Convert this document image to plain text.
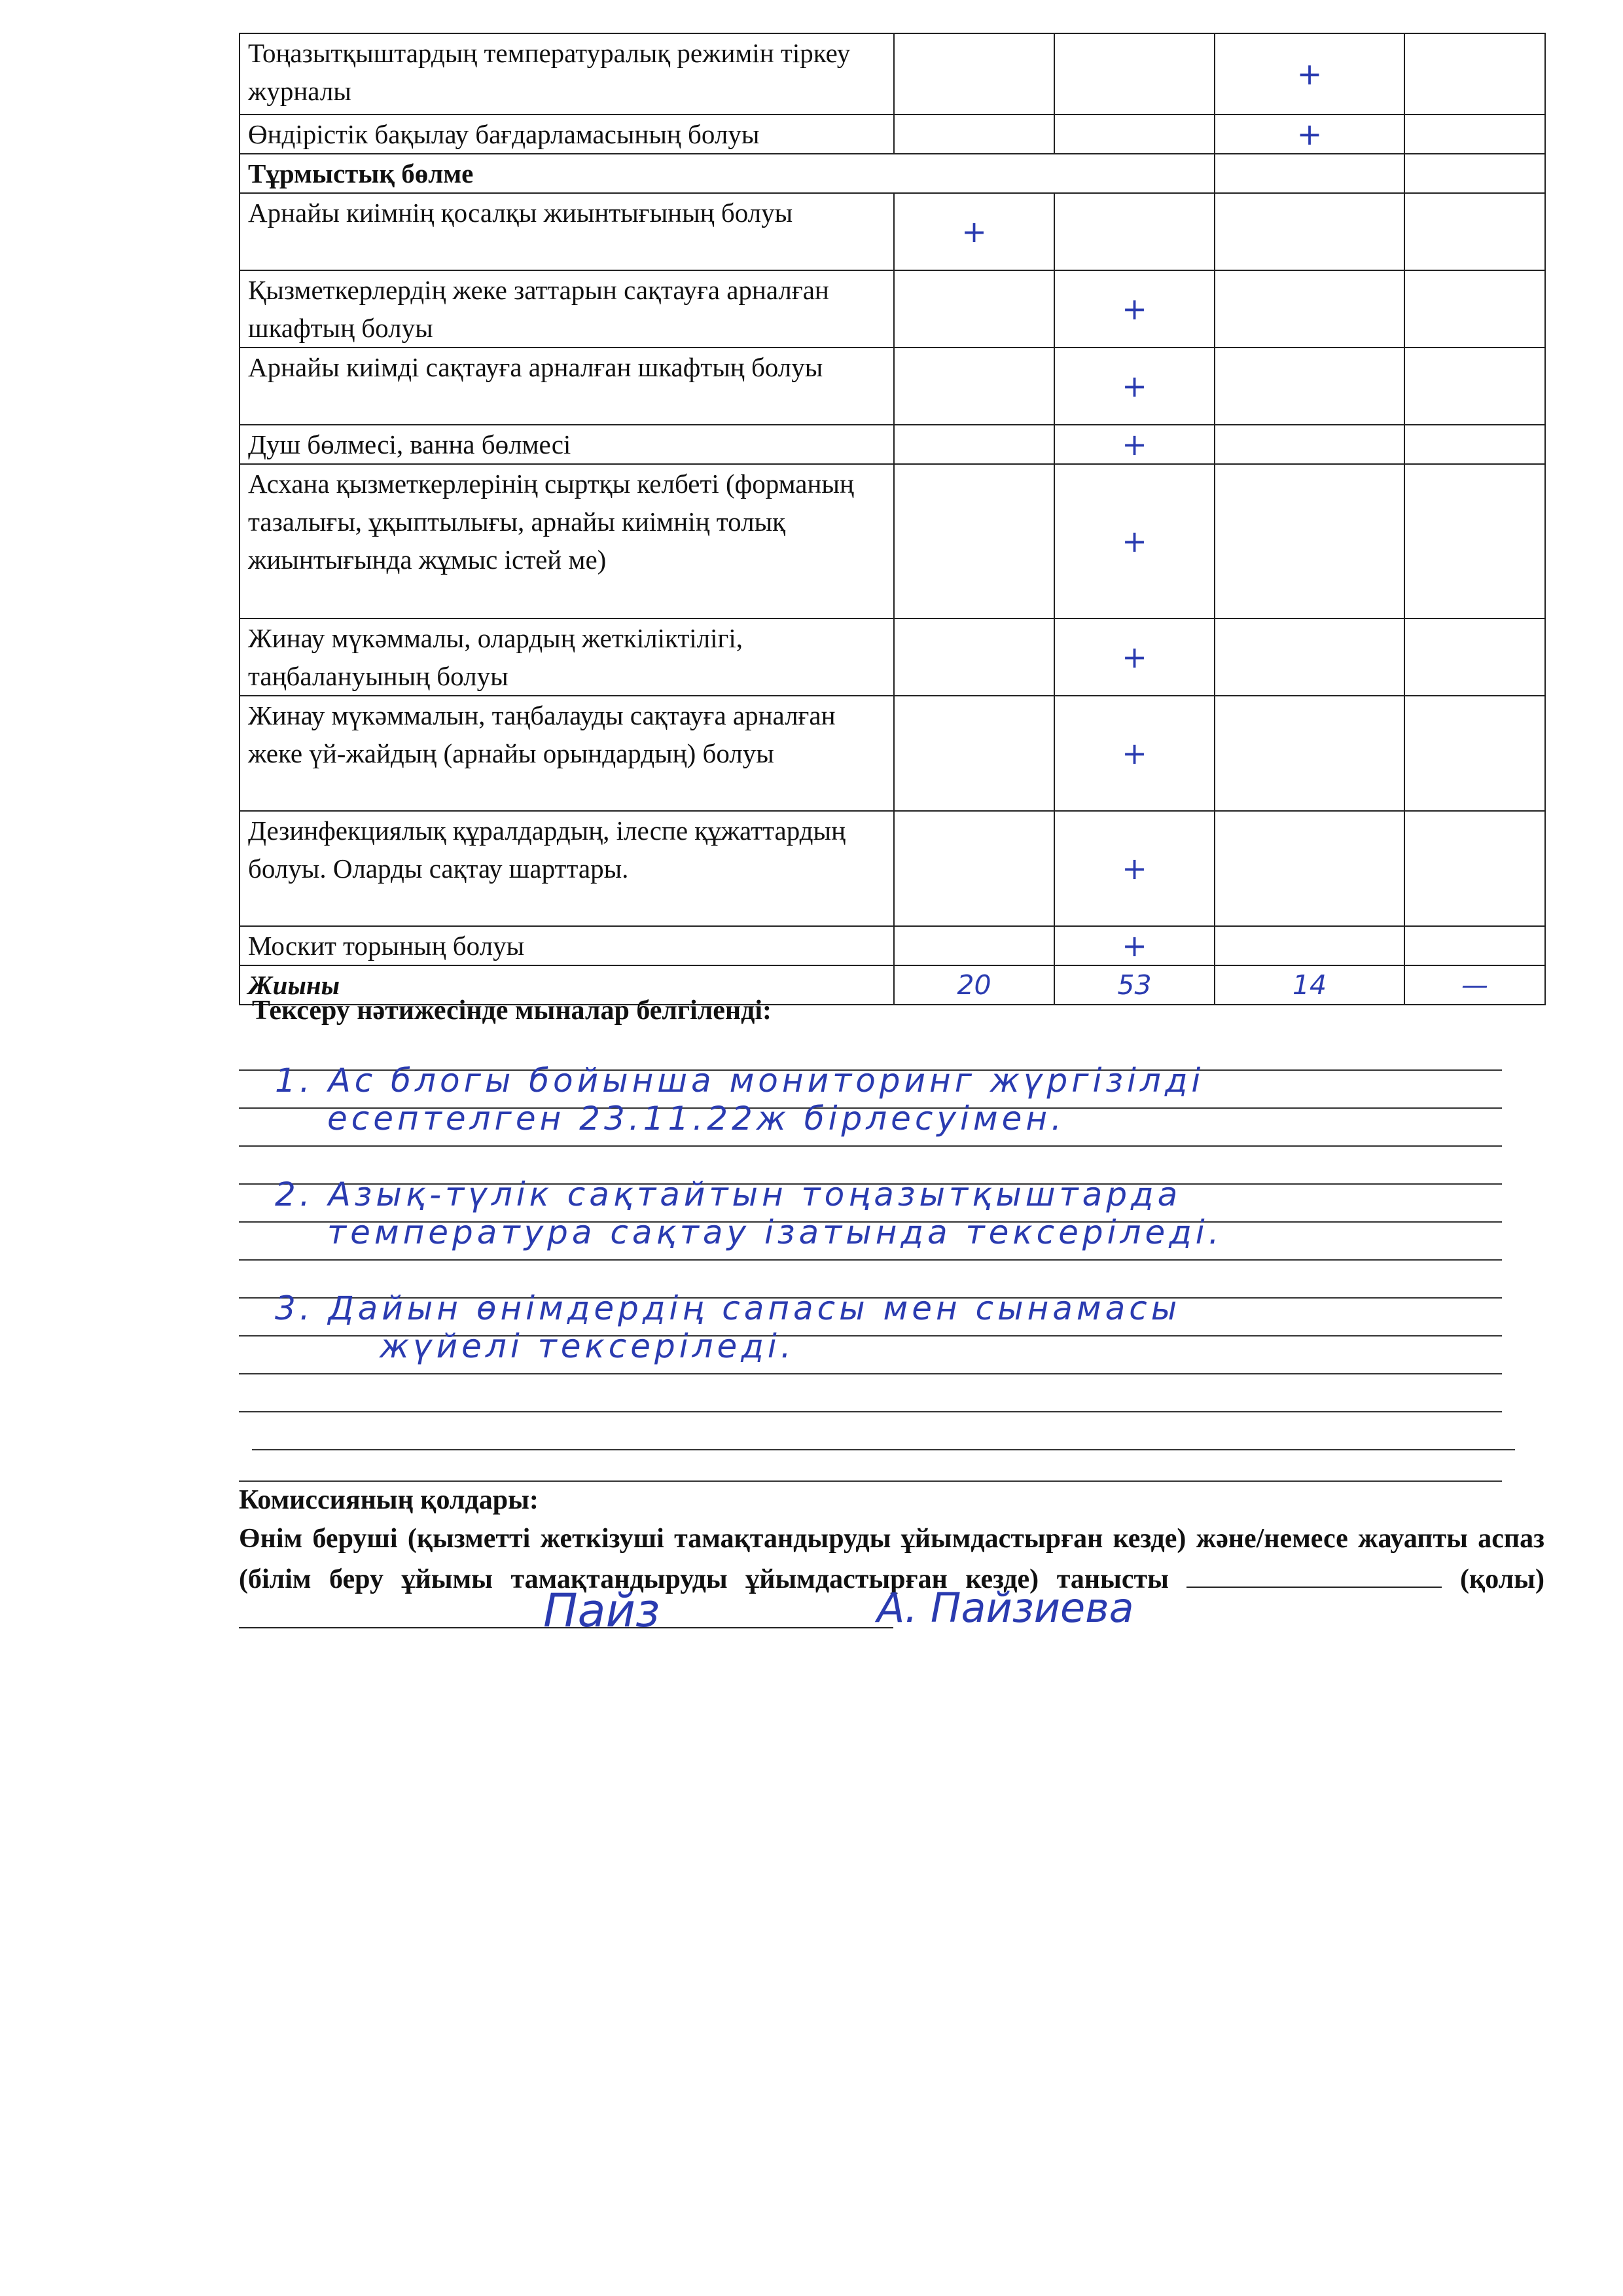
Тоңазытқыштардың температуралық режимін тіркеу журналы			+	
Өндірістік бақылау бағдарламасының болуы			+	
Тұрмыстық бөлме				
Арнайы киімнің қосалқы жиынтығының болуы	+			
Қызметкерлердің жеке заттарын сақтауға арналған шкафтың болуы		+		
Арнайы киімді сақтауға арналған шкафтың болуы		+		
Душ бөлмесі, ванна бөлмесі		+		
Асхана қызметкерлерінің сыртқы келбеті (форманың тазалығы, ұқыптылығы, арнайы киімнің толық жиынтығында жұмыс істей ме)		+		
Жинау мүкәммалы, олардың жеткіліктілігі, таңбалануының болуы		+		
Жинау мүкәммалын, таңбалауды сақтауға арналған жеке үй-жайдың (арнайы орындардың) болуы		+		
Дезинфекциялық құралдардың, ілеспе құжаттардың болуы. Оларды сақтау шарттары.		+		
Москит торының болуы		+		
Жиыны	20	53	14	—
Тексеру нәтижесінде мыналар белгіленді:
1. Ас блогы бойынша мониторинг жүргізілді
есептелген 23.11.22ж бірлесуімен.
2. Азық-түлік сақтайтын тоңазытқыштарда
температура сақтау ізатында тексеріледі.
3. Дайын өнімдердің сапасы мен сынамасы
жүйелі тексеріледі.
Комиссияның қолдары:
Өнім беруші (қызметті жеткізуші тамақтандыруды ұйымдастырған кезде) және/немесе жауапты аспаз (білім беру ұйымы тамақтандыруды ұйымдастырған кезде) танысты	(қолы)
Пайз	А. Пайзиева
